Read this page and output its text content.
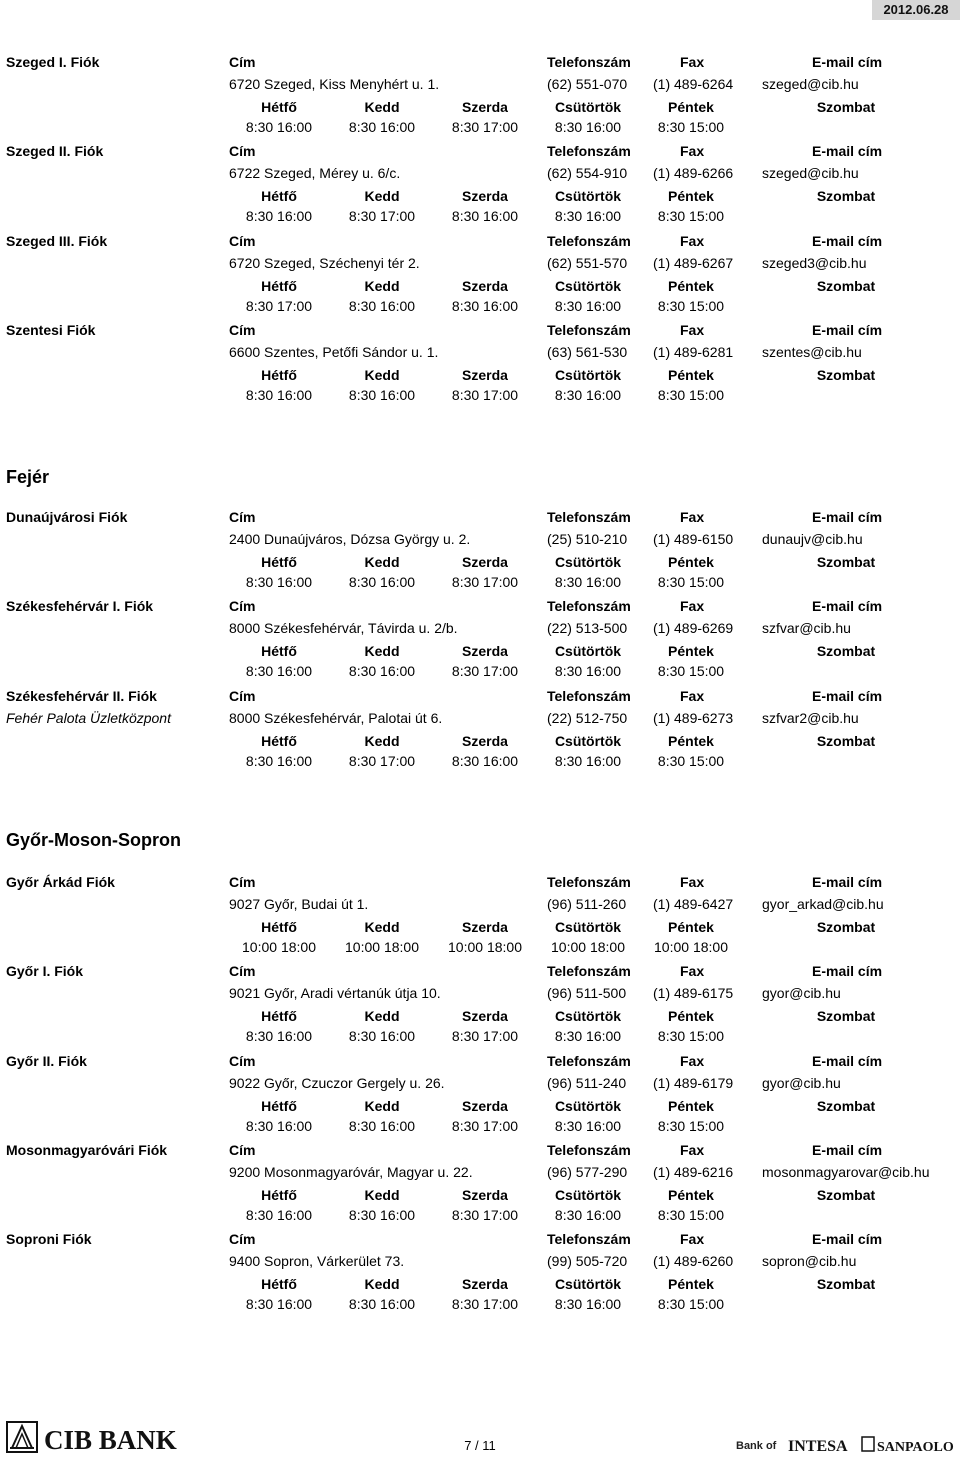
2012.06.28
Szeged I. Fiók	Cím	Telefonszám	Fax	E-mail cím
6720 Szeged, Kiss Menyhért u. 1.	(62) 551-070 (1) 489-6264 szeged@cib.hu
Hétfő	Kedd	Szerda	Csütörtök	Péntek	Szombat
8:30 16:00	8:30 16:00	8:30 17:00	8:30 16:00	8:30 15:00
Szeged II. Fiók	Cím	Telefonszám	Fax	E-mail cím
6722 Szeged, Mérey u. 6/c.	(62) 554-910 (1) 489-6266 szeged@cib.hu
Hétfő	Kedd	Szerda	Csütörtök	Péntek	Szombat
8:30 16:00	8:30 17:00	8:30 16:00	8:30 16:00	8:30 15:00
Szeged III. Fiók	Cím	Telefonszám	Fax	E-mail cím
6720 Szeged, Széchenyi tér 2.	(62) 551-570 (1) 489-6267 szeged3@cib.hu
Hétfő	Kedd	Szerda	Csütörtök	Péntek	Szombat
8:30 17:00	8:30 16:00	8:30 16:00	8:30 16:00	8:30 15:00
Szentesi Fiók	Cím	Telefonszám	Fax	E-mail cím
6600 Szentes, Petőfi Sándor u. 1.	(63) 561-530 (1) 489-6281 szentes@cib.hu
Hétfő	Kedd	Szerda	Csütörtök	Péntek	Szombat
8:30 16:00	8:30 16:00	8:30 17:00	8:30 16:00	8:30 15:00
Fejér
Dunaújvárosi Fiók	Cím	Telefonszám	Fax	E-mail cím
2400 Dunaújváros, Dózsa György u. 2.	(25) 510-210 (1) 489-6150 dunaujv@cib.hu
Hétfő	Kedd	Szerda	Csütörtök	Péntek	Szombat
8:30 16:00	8:30 16:00	8:30 17:00	8:30 16:00	8:30 15:00
Székesfehérvár I. Fiók	Cím	Telefonszám	Fax	E-mail cím
8000 Székesfehérvár, Távirda u. 2/b.	(22) 513-500 (1) 489-6269 szfvar@cib.hu
Hétfő	Kedd	Szerda	Csütörtök	Péntek	Szombat
8:30 16:00	8:30 16:00	8:30 17:00	8:30 16:00	8:30 15:00
Székesfehérvár II. Fiók	Cím	Telefonszám	Fax	E-mail cím
Fehér Palota Üzletközpont	8000 Székesfehérvár, Palotai út 6.	(22) 512-750 (1) 489-6273 szfvar2@cib.hu
Hétfő	Kedd	Szerda	Csütörtök	Péntek	Szombat
8:30 16:00	8:30 17:00	8:30 16:00	8:30 16:00	8:30 15:00
Győr-Moson-Sopron
Győr Árkád Fiók	Cím	Telefonszám	Fax	E-mail cím
9027 Győr, Budai út 1.	(96) 511-260 (1) 489-6427 gyor_arkad@cib.hu
Hétfő	Kedd	Szerda	Csütörtök	Péntek	Szombat
10:00 18:00	10:00 18:00	10:00 18:00	10:00 18:00	10:00 18:00
Győr I. Fiók	Cím	Telefonszám	Fax	E-mail cím
9021 Győr, Aradi vértanúk útja 10.	(96) 511-500 (1) 489-6175 gyor@cib.hu
Hétfő	Kedd	Szerda	Csütörtök	Péntek	Szombat
8:30 16:00	8:30 16:00	8:30 17:00	8:30 16:00	8:30 15:00
Győr II. Fiók	Cím	Telefonszám	Fax	E-mail cím
9022 Győr, Czuczor Gergely u. 26.	(96) 511-240 (1) 489-6179 gyor@cib.hu
Hétfő	Kedd	Szerda	Csütörtök	Péntek	Szombat
8:30 16:00	8:30 16:00	8:30 17:00	8:30 16:00	8:30 15:00
Mosonmagyaróvári Fiók	Cím	Telefonszám	Fax	E-mail cím
9200 Mosonmagyaróvár, Magyar u. 22.	(96) 577-290 (1) 489-6216 mosonmagyarovar@cib.hu
Hétfő	Kedd	Szerda	Csütörtök	Péntek	Szombat
8:30 16:00	8:30 16:00	8:30 17:00	8:30 16:00	8:30 15:00
Soproni Fiók	Cím	Telefonszám	Fax	E-mail cím
9400 Sopron, Várkerület 73.	(99) 505-720 (1) 489-6260 sopron@cib.hu
Hétfő	Kedd	Szerda	Csütörtök	Péntek	Szombat
8:30 16:00	8:30 16:00	8:30 17:00	8:30 16:00	8:30 15:00
CIB BANK	7 / 11	Bank of INTESA SANPAOLO
